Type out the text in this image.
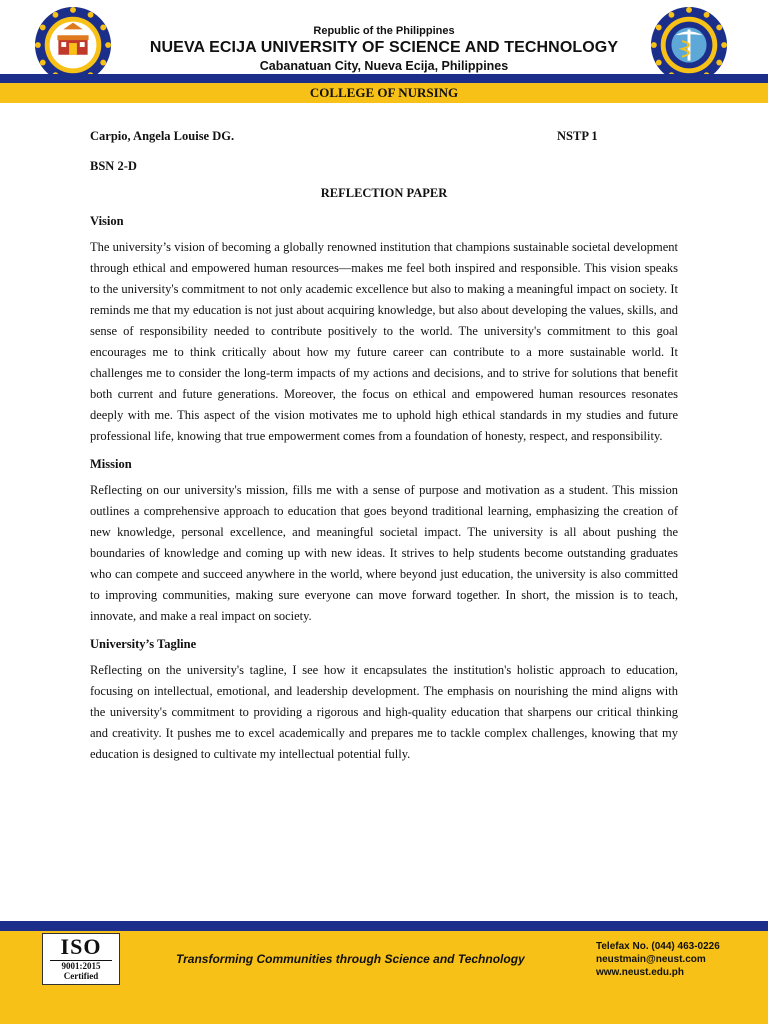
Republic of the Philippines
NUEVA ECIJA UNIVERSITY OF SCIENCE AND TECHNOLOGY
Cabanatuan City, Nueva Ecija, Philippines
COLLEGE OF NURSING
Carpio, Angela Louise DG.	NSTP 1
BSN 2-D
REFLECTION PAPER
Vision

The university’s vision of becoming a globally renowned institution that champions sustainable societal development through ethical and empowered human resources—makes me feel both inspired and responsible. This vision speaks to the university's commitment to not only academic excellence but also to making a meaningful impact on society. It reminds me that my education is not just about acquiring knowledge, but also about developing the values, skills, and sense of responsibility needed to contribute positively to the world. The university's commitment to this goal encourages me to think critically about how my future career can contribute to a more sustainable world. It challenges me to consider the long-term impacts of my actions and decisions, and to strive for solutions that benefit both current and future generations. Moreover, the focus on ethical and empowered human resources resonates deeply with me. This aspect of the vision motivates me to uphold high ethical standards in my studies and future professional life, knowing that true empowerment comes from a foundation of honesty, respect, and responsibility.

Mission

Reflecting on our university's mission, fills me with a sense of purpose and motivation as a student. This mission outlines a comprehensive approach to education that goes beyond traditional learning, emphasizing the creation of new knowledge, personal excellence, and meaningful societal impact. The university is all about pushing the boundaries of knowledge and coming up with new ideas. It strives to help students become outstanding graduates who can compete and succeed anywhere in the world, where beyond just education, the university is also committed to improving communities, making sure everyone can move forward together. In short, the mission is to teach, innovate, and make a real impact on society.

University’s Tagline

Reflecting on the university's tagline, I see how it encapsulates the institution's holistic approach to education, focusing on intellectual, emotional, and leadership development. The emphasis on nourishing the mind aligns with the university's commitment to providing a rigorous and high-quality education that sharpens our critical thinking and creativity. It pushes me to excel academically and prepares me to tackle complex challenges, knowing that my education is designed to cultivate my intellectual potential fully.

ISO
9001:2015
Certified
Transforming Communities through Science and Technology
Telefax No. (044) 463-0226
neustmain@neust.com
www.neust.edu.ph
